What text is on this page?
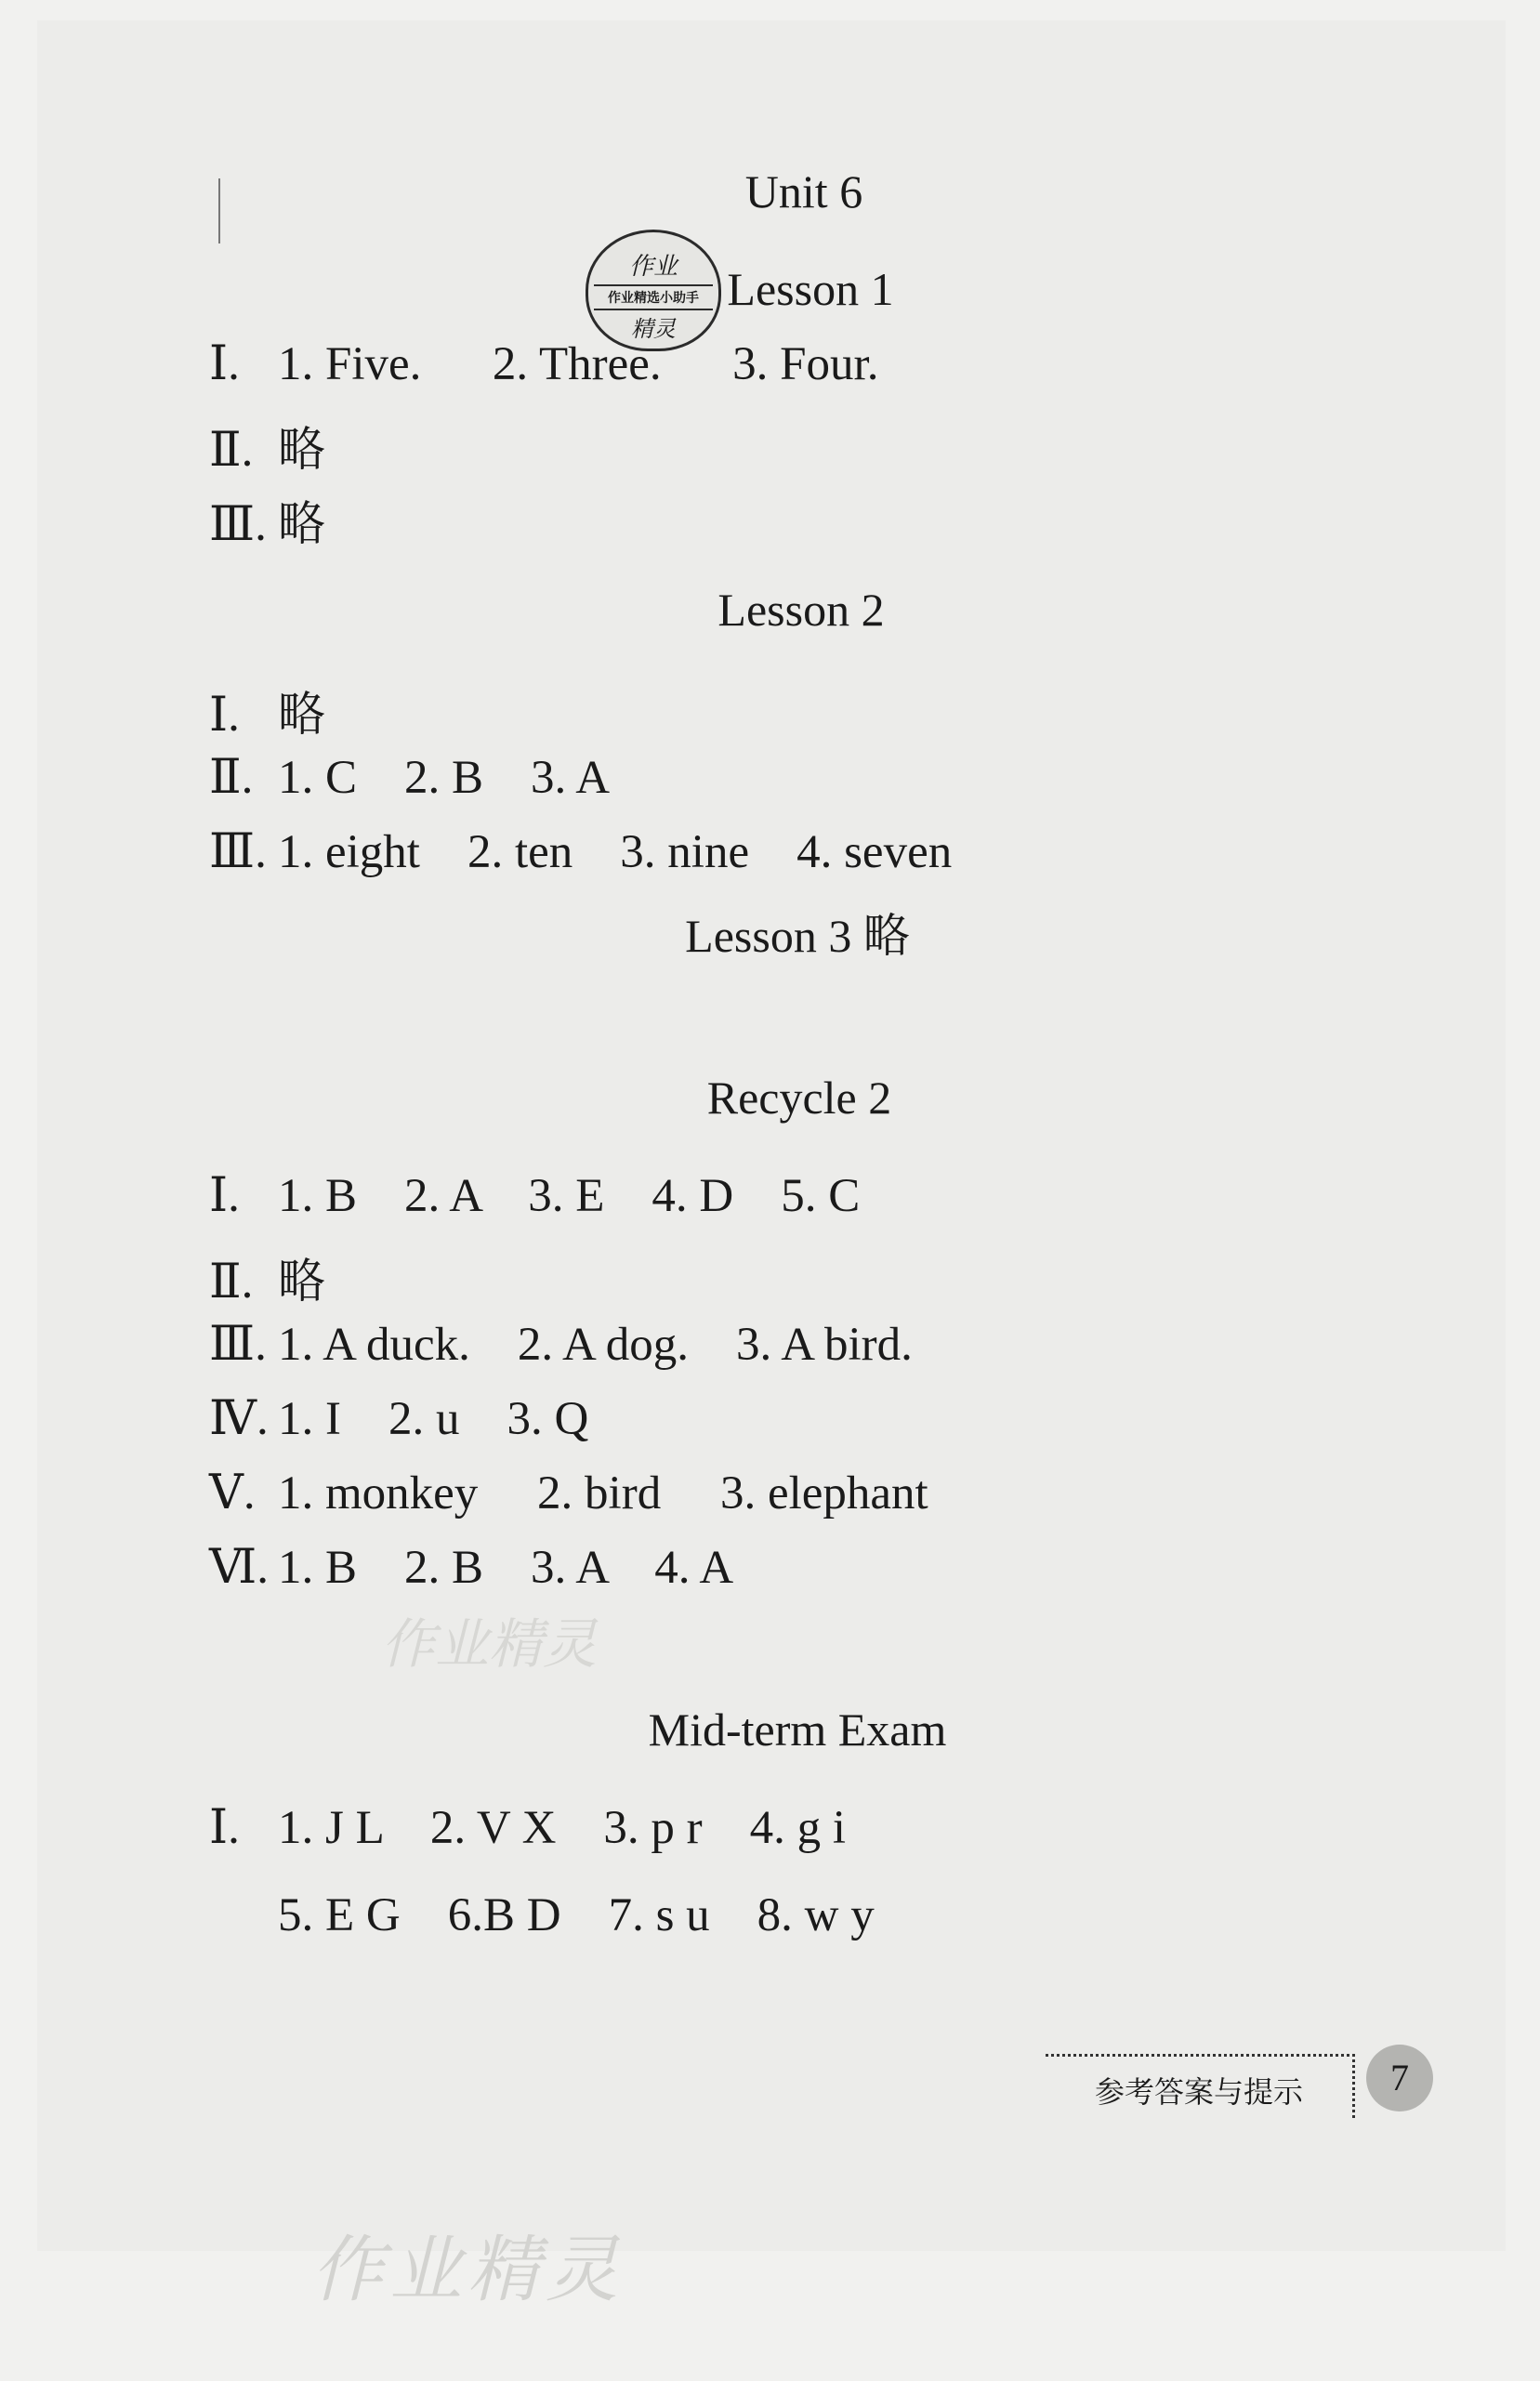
Unit 6
作业
作业精选小助手
精灵
Lesson 1
Ⅰ. 1. Five.      2. Three.      3. Four.
Ⅱ. 略
Ⅲ. 略
Lesson 2
Ⅰ. 略
Ⅱ. 1. C    2. B    3. A
Ⅲ. 1. eight    2. ten    3. nine    4. seven
Lesson 3 略
Recycle 2
Ⅰ. 1. B    2. A    3. E    4. D    5. C
Ⅱ. 略
Ⅲ. 1. A duck.    2. A dog.    3. A bird.
Ⅳ. 1. I    2. u    3. Q
Ⅴ. 1. monkey     2. bird     3. elephant
Ⅵ. 1. B    2. B    3. A    4. A
作业精灵
Mid-term Exam
Ⅰ. 1. J L    2. V X    3. p r    4. g i
5. E G    6.B D    7. s u    8. w y
参考答案与提示	7
作业精灵
